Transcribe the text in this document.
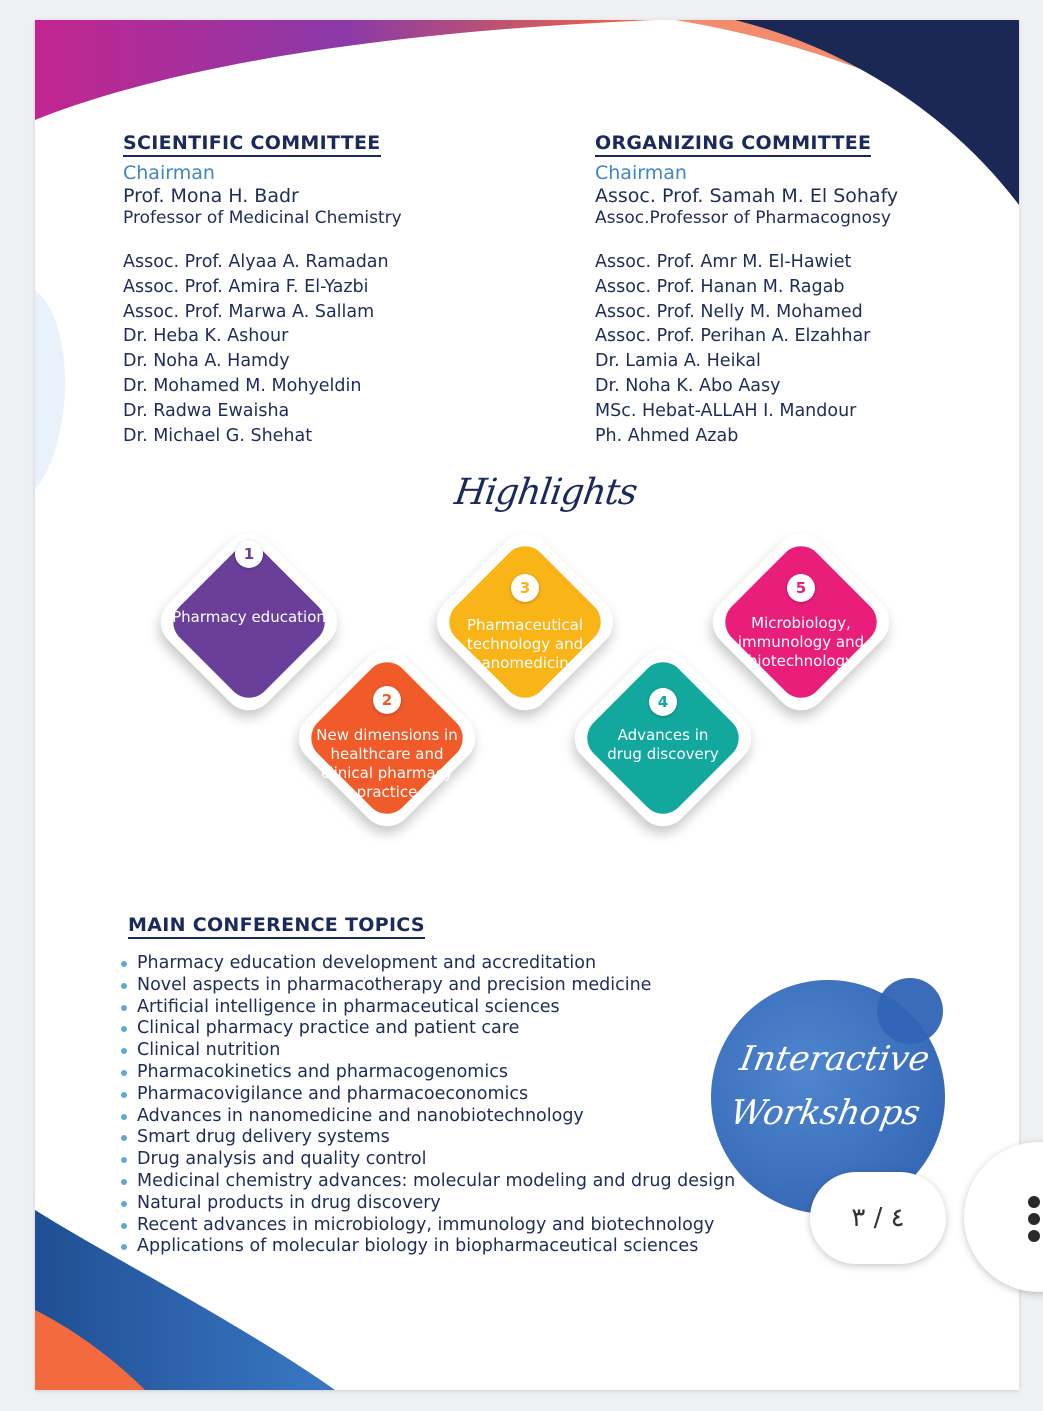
SCIENTIFIC COMMITTEE
Chairman
Prof. Mona H. Badr
Professor of Medicinal Chemistry
Assoc. Prof. Alyaa A. Ramadan
Assoc. Prof. Amira F. El-Yazbi
Assoc. Prof. Marwa A. Sallam
Dr. Heba K. Ashour
Dr. Noha A. Hamdy
Dr. Mohamed M. Mohyeldin
Dr. Radwa Ewaisha
Dr. Michael G. Shehat
ORGANIZING COMMITTEE
Chairman
Assoc. Prof. Samah M. El Sohafy
Assoc.Professor of Pharmacognosy
Assoc. Prof. Amr M. El-Hawiet
Assoc. Prof. Hanan M. Ragab
Assoc. Prof. Nelly M. Mohamed
Assoc. Prof. Perihan A. Elzahhar
Dr. Lamia A. Heikal
Dr. Noha K. Abo Aasy
MSc. Hebat-ALLAH I. Mandour
Ph. Ahmed Azab
Highlights
1
Pharmacy education
2
New dimensions in healthcare and clinical pharmacy practice
3
Pharmaceutical technology and nanomedicine
4
Advances in drug discovery
5
Microbiology, immunology and biotechnology
MAIN CONFERENCE TOPICS
Pharmacy education development and accreditation
Novel aspects in pharmacotherapy and precision medicine
Artificial intelligence in pharmaceutical sciences
Clinical pharmacy practice and patient care
Clinical nutrition
Pharmacokinetics and pharmacogenomics
Pharmacovigilance and pharmacoeconomics
Advances in nanomedicine and nanobiotechnology
Smart drug delivery systems
Drug analysis and quality control
Medicinal chemistry advances: molecular modeling and drug design
Natural products in drug discovery
Recent advances in microbiology, immunology and biotechnology
Applications of molecular biology in biopharmaceutical sciences
Interactive
Workshops
٤ / ٣
